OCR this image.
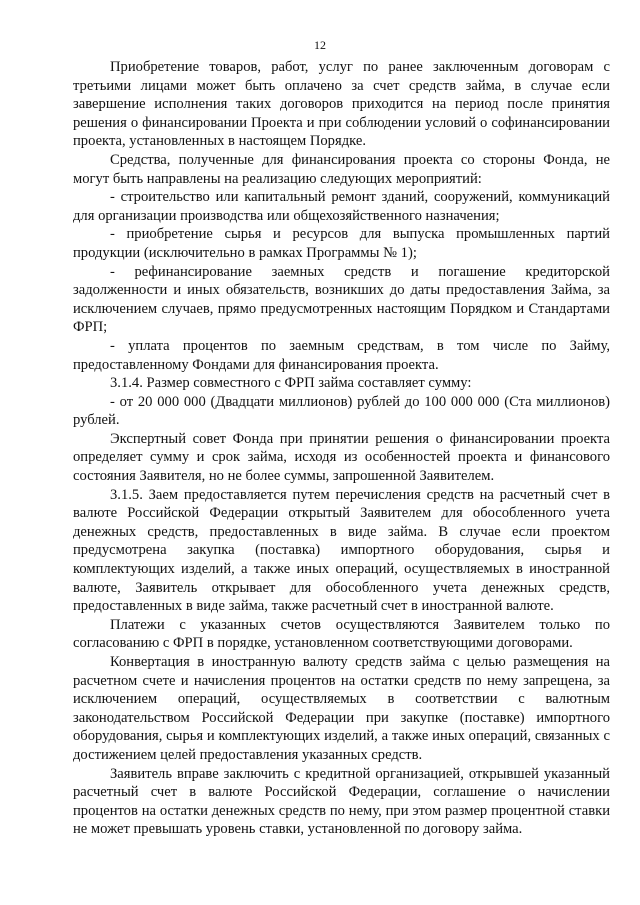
12

Приобретение товаров, работ, услуг по ранее заключенным договорам с третьими лицами может быть оплачено за счет средств займа, в случае если завершение исполнения таких договоров приходится на период после принятия решения о финансировании Проекта и при соблюдении условий о софинансировании проекта, установленных в настоящем Порядке.

Средства, полученные для финансирования проекта со стороны Фонда, не могут быть направлены на реализацию следующих мероприятий:

- строительство или капитальный ремонт зданий, сооружений, коммуникаций для организации производства или общехозяйственного назначения;

- приобретение сырья и ресурсов для выпуска промышленных партий продукции (исключительно в рамках Программы № 1);

- рефинансирование заемных средств и погашение кредиторской задолженности и иных обязательств, возникших до даты предоставления Займа, за исключением случаев, прямо предусмотренных настоящим Порядком и Стандартами ФРП;

- уплата процентов по заемным средствам, в том числе по Займу, предоставленному Фондами для финансирования проекта.

3.1.4. Размер совместного с ФРП займа составляет сумму:

- от 20 000 000 (Двадцати миллионов) рублей до 100 000 000 (Ста миллионов) рублей.

Экспертный совет Фонда при принятии решения о финансировании проекта определяет сумму и срок займа, исходя из особенностей проекта и финансового состояния Заявителя, но не более суммы, запрошенной Заявителем.

3.1.5. Заем предоставляется путем перечисления средств на расчетный счет в валюте Российской Федерации открытый Заявителем для обособленного учета денежных средств, предоставленных в виде займа. В случае если проектом предусмотрена закупка (поставка) импортного оборудования, сырья и комплектующих изделий, а также иных операций, осуществляемых в иностранной валюте, Заявитель открывает для обособленного учета денежных средств, предоставленных в виде займа, также расчетный счет в иностранной валюте.

Платежи с указанных счетов осуществляются Заявителем только по согласованию с ФРП в порядке, установленном соответствующими договорами.

Конвертация в иностранную валюту средств займа с целью размещения на расчетном счете и начисления процентов на остатки средств по нему запрещена, за исключением операций, осуществляемых в соответствии с валютным законодательством Российской Федерации при закупке (поставке) импортного оборудования, сырья и комплектующих изделий, а также иных операций, связанных с достижением целей предоставления указанных средств.

Заявитель вправе заключить с кредитной организацией, открывшей указанный расчетный счет в валюте Российской Федерации, соглашение о начислении процентов на остатки денежных средств по нему, при этом размер процентной ставки не может превышать уровень ставки, установленной по договору займа.
